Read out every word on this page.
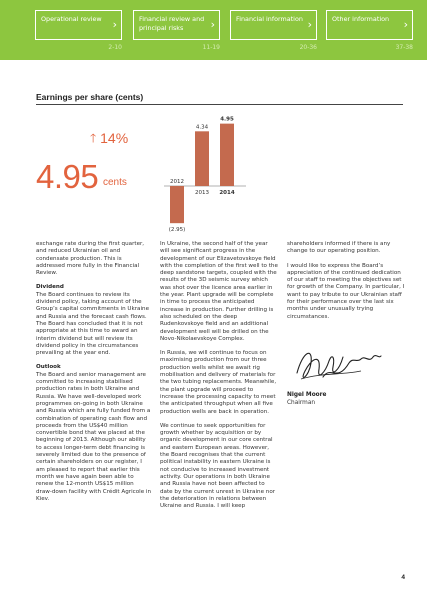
Operational review ›	Financial review and principal risks ›	Financial information ›	Other information ›
2-10	11-19	20-36	37-38
Earnings per share (cents)
🡑 14%
4.95 cents
(2.95)
2012
4.34
2013
4.95
2014

exchange rate during the first quarter, and reduced Ukrainian oil and condensate production. This is addressed more fully in the Financial Review.

Dividend

The Board continues to review its dividend policy, taking account of the Group’s capital commitments in Ukraine and Russia and the forecast cash flows. The Board has concluded that it is not appropriate at this time to award an interim dividend but will review its dividend policy in the circumstances prevailing at the year end.

Outlook

The Board and senior management are committed to increasing stabilised production rates in both Ukraine and Russia. We have well-developed work programmes on-going in both Ukraine and Russia which are fully funded from a combination of operating cash flow and proceeds from the US$40 million convertible bond that we placed at the beginning of 2013. Although our ability to access longer-term debt financing is severely limited due to the presence of certain shareholders on our register, I am pleased to report that earlier this month we have again been able to renew the 12-month US$15 million draw-down facility with Crédit Agricole in Kiev.

In Ukraine, the second half of the year will see significant progress in the development of our Elizavetovskoye field with the completion of the first well to the deep sandstone targets, coupled with the results of the 3D seismic survey which was shot over the licence area earlier in the year. Plant upgrade will be complete in time to process the anticipated increase in production. Further drilling is also scheduled on the deep Rudenkovskoye field and an additional development well will be drilled on the Novo-Nikolaevskoye Complex.

In Russia, we will continue to focus on maximising production from our three production wells whilst we await rig mobilisation and delivery of materials for the two tubing replacements. Meanwhile, the plant upgrade will proceed to increase the processing capacity to meet the anticipated throughput when all five production wells are back in operation.

We continue to seek opportunities for growth whether by acquisition or by organic development in our core central and eastern European areas. However, the Board recognises that the current political instability in eastern Ukraine is not conducive to increased investment activity. Our operations in both Ukraine and Russia have not been affected to date by the current unrest in Ukraine nor the deterioration in relations between Ukraine and Russia. I will keep

shareholders informed if there is any change to our operating position.

I would like to express the Board’s appreciation of the continued dedication of our staff to meeting the objectives set for growth of the Company. In particular, I want to pay tribute to our Ukrainian staff for their performance over the last six months under unusually trying circumstances.

Nigel Moore
Chairman
4
